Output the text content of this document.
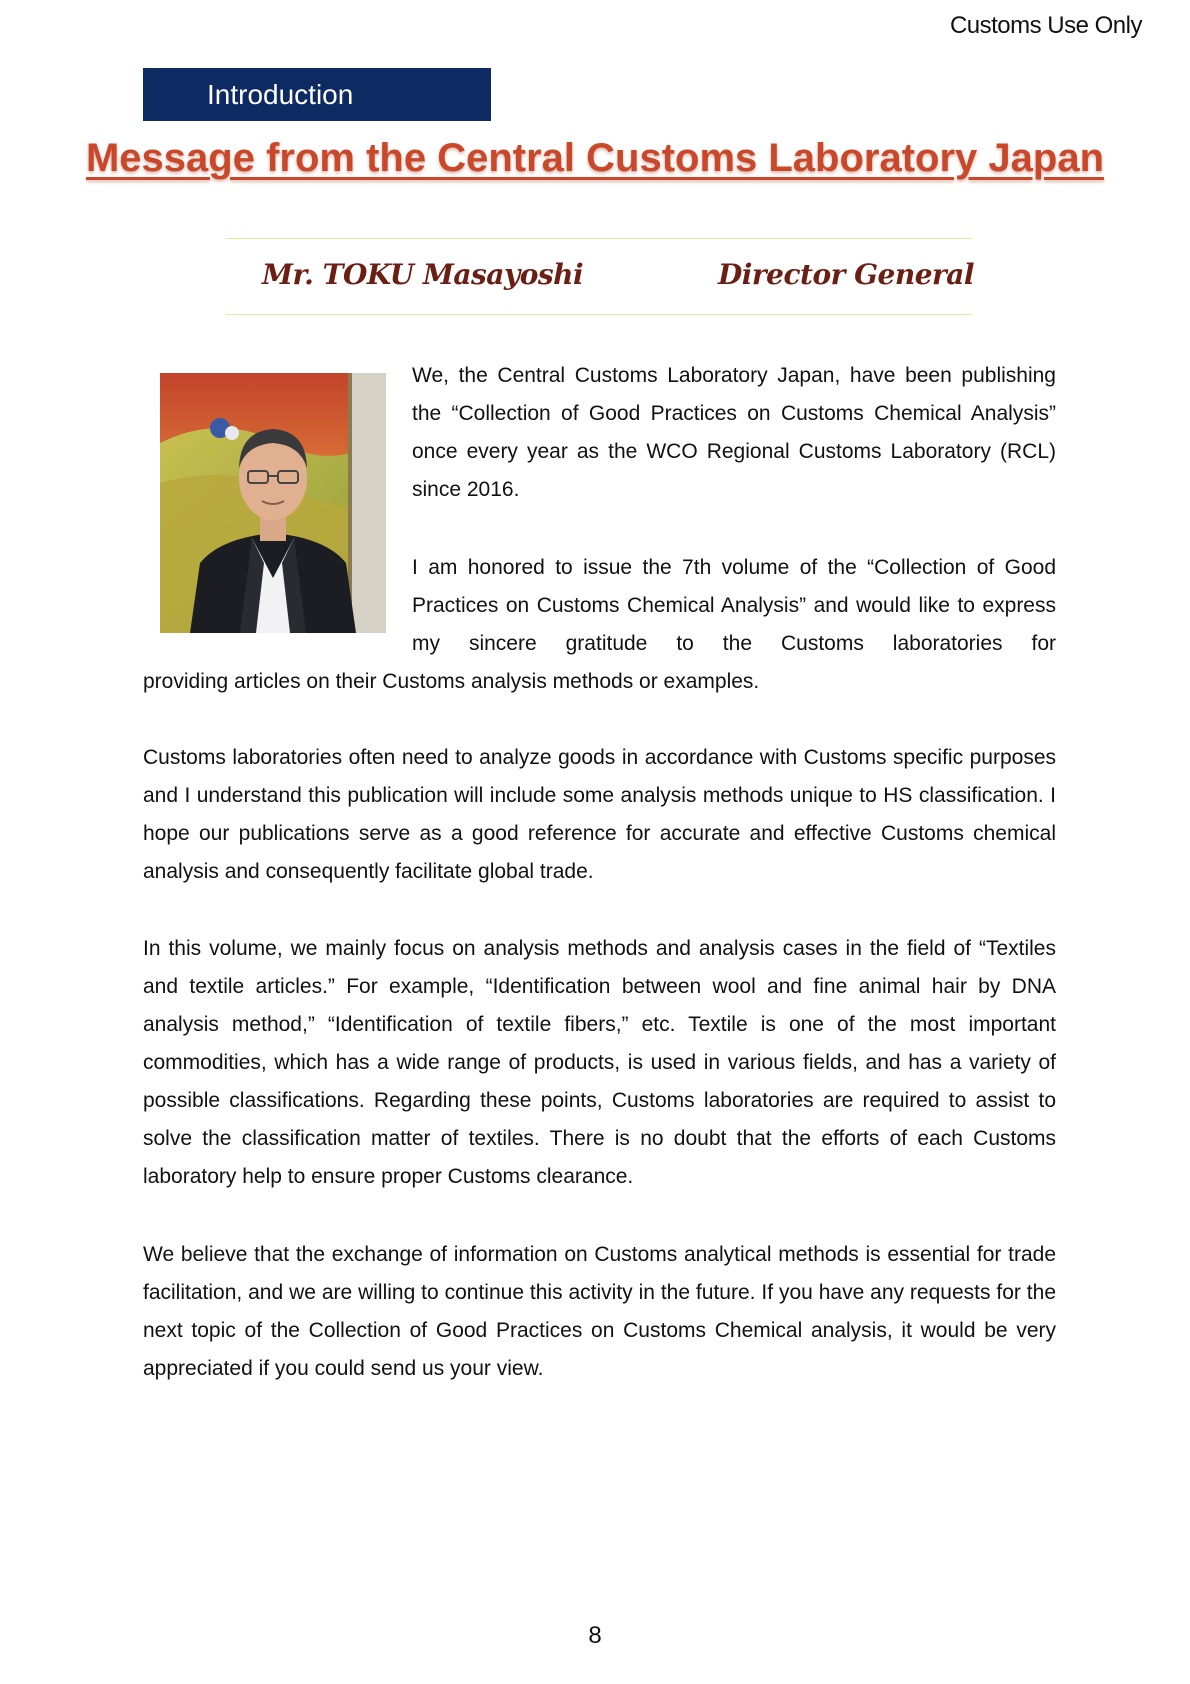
Customs Use Only
Introduction
Message from the Central Customs Laboratory Japan
Mr. TOKU Masayoshi	Director General
We, the Central Customs Laboratory Japan, have been publishing the “Collection of Good Practices on Customs Chemical Analysis” once every year as the WCO Regional Customs Laboratory (RCL) since 2016.
I am honored to issue the 7th volume of the “Collection of Good Practices on Customs Chemical Analysis” and would like to express my sincere gratitude to the Customs laboratories for
providing articles on their Customs analysis methods or examples.
Customs laboratories often need to analyze goods in accordance with Customs specific purposes and I understand this publication will include some analysis methods unique to HS classification. I hope our publications serve as a good reference for accurate and effective Customs chemical analysis and consequently facilitate global trade.
In this volume, we mainly focus on analysis methods and analysis cases in the field of “Textiles and textile articles.” For example, “Identification between wool and fine animal hair by DNA analysis method,” “Identification of textile fibers,” etc. Textile is one of the most important commodities, which has a wide range of products, is used in various fields, and has a variety of possible classifications. Regarding these points, Customs laboratories are required to assist to solve the classification matter of textiles. There is no doubt that the efforts of each Customs laboratory help to ensure proper Customs clearance.
We believe that the exchange of information on Customs analytical methods is essential for trade facilitation, and we are willing to continue this activity in the future. If you have any requests for the next topic of the Collection of Good Practices on Customs Chemical analysis, it would be very appreciated if you could send us your view.
8
